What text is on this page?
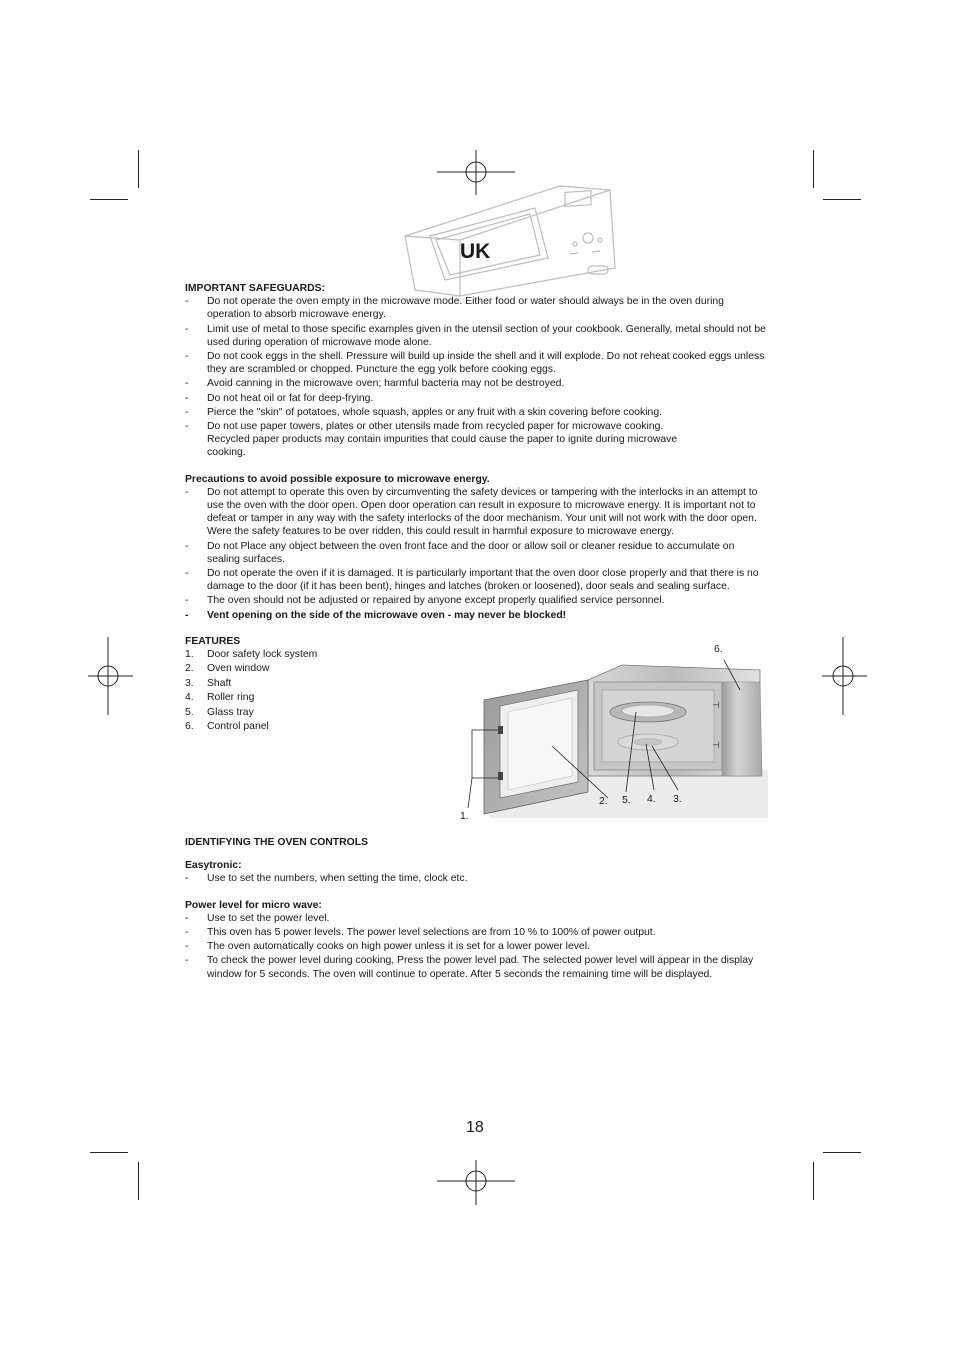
UK

IMPORTANT SAFEGUARDS:

- Do not operate the oven empty in the microwave mode. Either food or water should always be in the oven during operation to absorb microwave energy.
- Limit use of metal to those specific examples given in the utensil section of your cookbook. Generally, metal should not be used during operation of microwave mode alone.
- Do not cook eggs in the shell. Pressure will build up inside the shell and it will explode. Do not reheat cooked eggs unless they are scrambled or chopped. Puncture the egg yolk before cooking eggs.
- Avoid canning in the microwave oven; harmful bacteria may not be destroyed.
- Do not heat oil or fat for deep-frying.
- Pierce the "skin" of potatoes, whole squash, apples or any fruit with a skin covering before cooking.
- Do not use paper towers, plates or other utensils made from recycled paper for microwave cooking.
Recycled paper products may contain impurities that could cause the paper to ignite during microwave cooking.

Precautions to avoid possible exposure to microwave energy.

- Do not attempt to operate this oven by circumventing the safety devices or tampering with the interlocks in an attempt to use the oven with the door open. Open door operation can result in exposure to microwave energy. It is important not to defeat or tamper in any way with the safety interlocks of the door mechanism. Your unit will not work with the door open. Were the safety features to be over ridden, this could result in harmful exposure to microwave energy.
- Do not Place any object between the oven front face and the door or allow soil or cleaner residue to accumulate on sealing surfaces.
- Do not operate the oven if it is damaged. It is particularly important that the oven door close properly and that there is no damage to the door (if it has been bent), hinges and latches (broken or loosened), door seals and sealing surface.
- The oven should not be adjusted or repaired by anyone except properly qualified service personnel.
- Vent opening on the side of the microwave oven - may never be blocked!

FEATURES

1. Door safety lock system
2. Oven window
3. Shaft
4. Roller ring
5. Glass tray
6. Control panel

IDENTIFYING THE OVEN CONTROLS

Easytronic:

- Use to set the numbers, when setting the time, clock etc.

Power level for micro wave:

- Use to set the power level.
- This oven has 5 power levels. The power level selections are from 10 % to 100% of power output.
- The oven automatically cooks on high power unless it is set for a lower power level.
- To check the power level during cooking, Press the power level pad. The selected power level will appear in the display window for 5 seconds. The oven will continue to operate. After 5 seconds the remaining time will be displayed.
⊣
⊣
1.
2. 5. 4. 3.
6.
18
